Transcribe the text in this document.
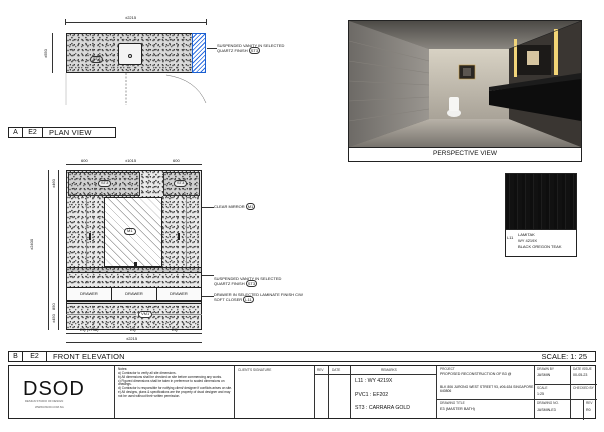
±2215
±550
ST3
SUSPENDED VANITY IN SELECTED QUARTZ FINISH ST3
A	E2	PLAN VIEW
PERSPECTIVE VIEW
L11
LAMITAK
WY 4219X
BLACK OREGON TEAK
600	±1015	600
±2400
±460
850
±450
ST3	ST3
M1
DRAWER	DRAWER	DRAWER
VM1
EQ (±738)	EQ	EQ
±2215
CLEAR MIRROR M1
SUSPENDED VANITY IN SELECTED QUARTZ FINISH ST3
DRAWER IN SELECTED LAMINATE FINISH C/W SOFT CLOSER L11
B	E2	FRONT ELEVATION	SCALE: 1: 25
DSOD
DESIGN STUDIO OF DESIGN
WWW.DSOD.COM.SG
Notes:
a) Contractor to verify all site dimensions.
b) All dimensions shall be checked on site before commencing any works.
c) Figured dimensions shall be taken in preference to scaled dimensions on drawings.
d) Contractor is responsible for notifying client/ designer if conflicts arises on site.
e) All designs, plans & specifications are the property of dsod designer and may not be used without their written permission.
CLIENT'S SIGNATURE	REV	DATE	REMARKS
L11 : WY 4219X
PVC1 : EF202
ST3 : CARRARA GOLD
PROJECT
PROPOSED RECONSTRUCTION OF B3 @
BLK 806 JURONG WEST STREET 93, #06-634 SINGAPORE 640806
DRAWING TITLE
E3 (MASTER BATH)
DRAWN BY
JASMIN
DATE ISSUE
00-05-23
SCALE
1:25
CHECKED BY
DRAWING NO.
JASMIN-E3
REV
R0
